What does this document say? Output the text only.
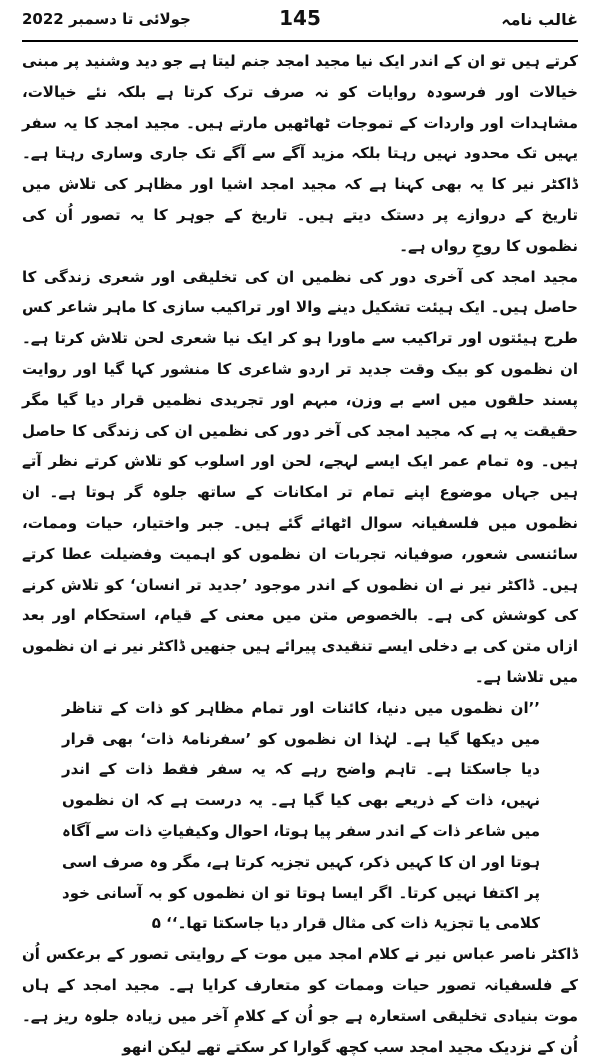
جولائی تا دسمبر 2022	145	غالب نامہ

کرتے ہیں تو ان کے اندر ایک نیا مجید امجد جنم لیتا ہے جو دید وشنید پر مبنی خیالات اور فرسودہ روایات کو نہ صرف ترک کرتا ہے بلکہ نئے خیالات، مشاہدات اور واردات کے تموجات ٹھاٹھیں مارتے ہیں۔ مجید امجد کا یہ سفر یہیں تک محدود نہیں رہتا بلکہ مزید آگے سے آگے تک جاری وساری رہتا ہے۔ ڈاکٹر نیر کا یہ بھی کہنا ہے کہ مجید امجد اشیا اور مظاہر کی تلاش میں تاریخ کے دروازے پر دستک دیتے ہیں۔ تاریخ کے جوہر کا یہ تصور اُن کی نظموں کا روحِ رواں ہے۔

مجید امجد کی آخری دور کی نظمیں ان کی تخلیقی اور شعری زندگی کا حاصل ہیں۔ ایک ہیئت تشکیل دینے والا اور تراکیب سازی کا ماہر شاعر کس طرح ہیئتوں اور تراکیب سے ماورا ہو کر ایک نیا شعری لحن تلاش کرتا ہے۔ ان نظموں کو بیک وقت جدید تر اردو شاعری کا منشور کہا گیا اور روایت پسند حلقوں میں اسے بے وزن، مبہم اور تجریدی نظمیں قرار دیا گیا مگر حقیقت یہ ہے کہ مجید امجد کی آخر دور کی نظمیں ان کی زندگی کا حاصل ہیں۔ وہ تمام عمر ایک ایسے لہجے، لحن اور اسلوب کو تلاش کرتے نظر آتے ہیں جہاں موضوع اپنے تمام تر امکانات کے ساتھ جلوہ گر ہوتا ہے۔ ان نظموں میں فلسفیانہ سوال اٹھائے گئے ہیں۔ جبر واختیار، حیات وممات، سائنسی شعور، صوفیانہ تجربات ان نظموں کو اہمیت وفضیلت عطا کرتے ہیں۔ ڈاکٹر نیر نے ان نظموں کے اندر موجود ’جدید تر انسان‘ کو تلاش کرنے کی کوشش کی ہے۔ بالخصوص متن میں معنی کے قیام، استحکام اور بعد ازاں متن کی بے دخلی ایسے تنقیدی پیرائے ہیں جنھیں ڈاکٹر نیر نے ان نظموں میں تلاشا ہے۔

’’ان نظموں میں دنیا، کائنات اور تمام مظاہر کو ذات کے تناظر میں دیکھا گیا ہے۔ لہٰذا ان نظموں کو ’سفرنامۂ ذات‘ بھی قرار دیا جاسکتا ہے۔ تاہم واضح رہے کہ یہ سفر فقط ذات کے اندر نہیں، ذات کے ذریعے بھی کیا گیا ہے۔ یہ درست ہے کہ ان نظموں میں شاعر ذات کے اندر سفر پیا ہوتا، احوال وکیفیاتِ ذات سے آگاہ ہوتا اور ان کا کہیں ذکر، کہیں تجزیہ کرتا ہے، مگر وہ صرف اسی پر اکتفا نہیں کرتا۔ اگر ایسا ہوتا تو ان نظموں کو بہ آسانی خود کلامی یا تجزیۂ ذات کی مثال قرار دیا جاسکتا تھا۔‘‘ ۵

ڈاکٹر ناصر عباس نیر نے کلام امجد میں موت کے روایتی تصور کے برعکس اُن کے فلسفیانہ تصور حیات وممات کو متعارف کرایا ہے۔ مجید امجد کے ہاں موت بنیادی تخلیقی استعارہ ہے جو اُن کے کلامِ آخر میں زیادہ جلوہ ریز ہے۔ اُن کے نزدیک مجید امجد سب کچھ گوارا کر سکتے تھے لیکن انھو
